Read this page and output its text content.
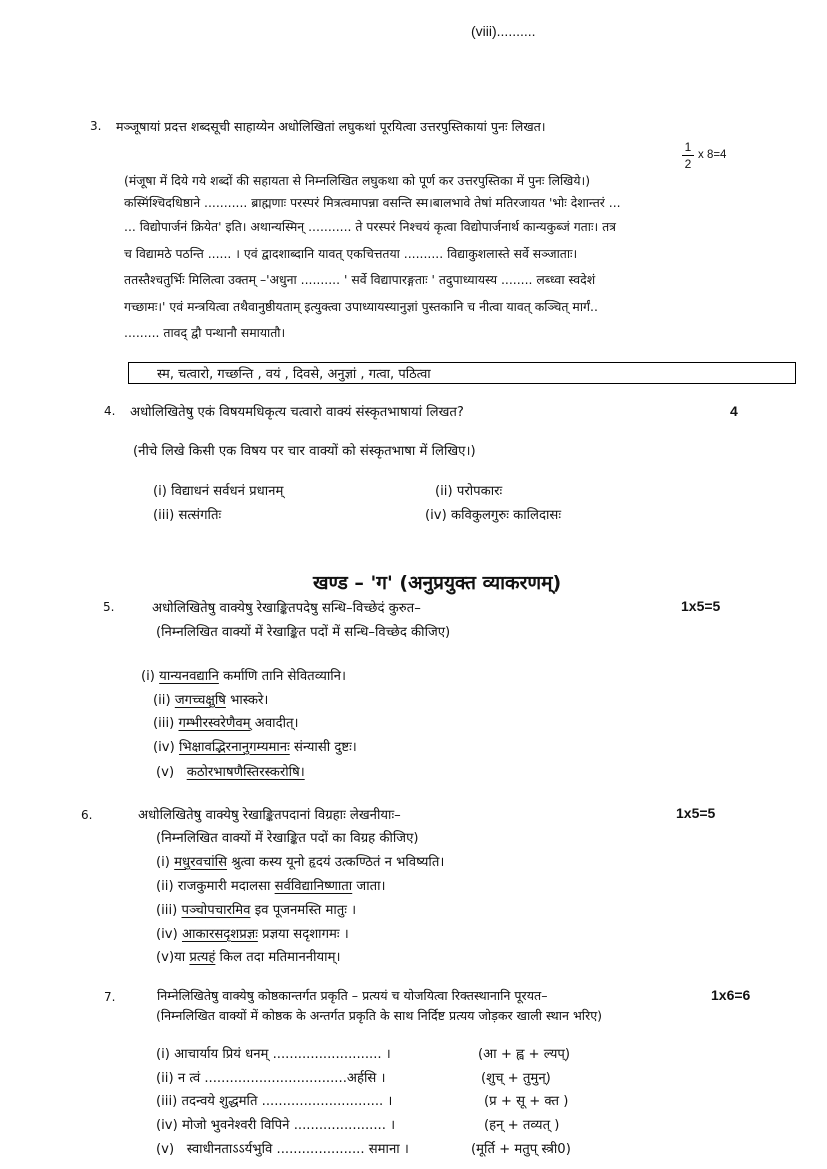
(viii)..........
3. मञ्जूषायां प्रदत्त शब्दसूची साहाय्येन अधोलिखितां लघुकथां पूरयित्वा उत्तरपुस्तिकायां पुनः लिखत।
1
2
x 8=4
(मंजूषा में दिये गये शब्दों की सहायता से निम्नलिखित लघुकथा को पूर्ण कर उत्तरपुस्तिका में पुनः लिखिये।)
कस्मिंश्चिदधिष्ठाने ........... ब्राह्मणाः परस्परं मित्रत्वमापन्ना वसन्ति स्म।बालभावे तेषां मतिरजायत 'भोः देशान्तरं ...
... विद्योपार्जनं क्रियेत' इति। अथान्यस्मिन् ........... ते परस्परं निश्चयं कृत्वा विद्योपार्जनार्थ कान्यकुब्जं गताः। तत्र
च विद्यामठे पठन्ति ...... । एवं द्वादशाब्दानि यावत् एकचित्ततया .......... विद्याकुशलास्ते सर्वे सञ्जाताः।
ततस्तैश्चतुर्भिः मिलित्वा उक्तम् –'अधुना .......... ' सर्वे विद्यापारङ्गताः ' तदुपाध्यायस्य ........ लब्ध्वा स्वदेशं
गच्छामः।' एवं मन्त्रयित्वा तथैवानुष्ठीयताम् इत्युक्त्वा उपाध्यायस्यानुज्ञां पुस्तकानि च नीत्वा यावत् कञ्चित् मार्गं..
......... तावद् द्वौ पन्थानौ समायातौ।
स्म, चत्वारो, गच्छन्ति , वयं , दिवसे, अनुज्ञां , गत्वा, पठित्वा
4. अधोलिखितेषु एकं विषयमधिकृत्य चत्वारो वाक्यं संस्कृतभाषायां लिखत?	4
(नीचे लिखे किसी एक विषय पर चार वाक्यों को संस्कृतभाषा में लिखिए।)
(i) विद्याधनं सर्वधनं प्रधानम्	(ii) परोपकारः
(iii) सत्संगतिः	(iv) कविकुलगुरुः कालिदासः
खण्ड – 'ग' (अनुप्रयुक्त व्याकरणम्)
5.	अधोलिखितेषु वाक्येषु रेखाङ्कितपदेषु सन्धि–विच्छेदं कुरुत–	1x5=5
(निम्नलिखित वाक्यों में रेखाङ्कित पदों में सन्धि–विच्छेद कीजिए)
(i) यान्यनवद्यानि कर्माणि तानि सेवितव्यानि।
(ii) जगच्चक्षुषि भास्करे।
(iii) गम्भीरस्वरेणैवम् अवादीत्।
(iv) भिक्षावद्भिरनानुगम्यमानः संन्यासी दुष्टः।
(v) कठोरभाषणैस्तिरस्करोषि।
6.	अधोलिखितेषु वाक्येषु रेखाङ्कितपदानां विग्रहाः लेखनीयाः–	1x5=5
(निम्नलिखित वाक्यों में रेखाङ्कित पदों का विग्रह कीजिए)
(i) मधुरवचांसि श्रुत्वा कस्य यूनो हृदयं उत्कण्ठितं न भविष्यति।
(ii) राजकुमारी मदालसा सर्वविद्यानिष्णाता जाता।
(iii) पञ्चोपचारमिव इव पूजनमस्ति मातुः ।
(iv) आकारसदृशप्रज्ञः प्रज्ञया सदृशागमः ।
(v)या प्रत्यहं किल तदा मतिमाननीयाम्।
7.	निम्नेलिखितेषु वाक्येषु कोष्ठकान्तर्गत प्रकृति – प्रत्ययं च योजयित्वा रिक्तस्थानानि पूरयत–	1x6=6
(निम्नलिखित वाक्यों में कोष्ठक के अन्तर्गत प्रकृति के साथ निर्दिष्ट प्रत्यय जोड़कर खाली स्थान भरिए)
(i) आचार्याय प्रियं धनम् .......................... ।	(आ + ह्व + ल्यप्)
(ii) न त्वं ..................................अर्हसि ।	(शुच् + तुमुन्)
(iii) तदन्वये शुद्धमति ............................. ।	(प्र + सू + क्त )
(iv) मोजो भुवनेश्वरी विपिने ...................... ।	(हन् + तव्यत् )
(v) स्वाधीनताऽऽर्यभुवि ..................... समाना ।	(मूर्ति + मतुप् स्त्री0)
